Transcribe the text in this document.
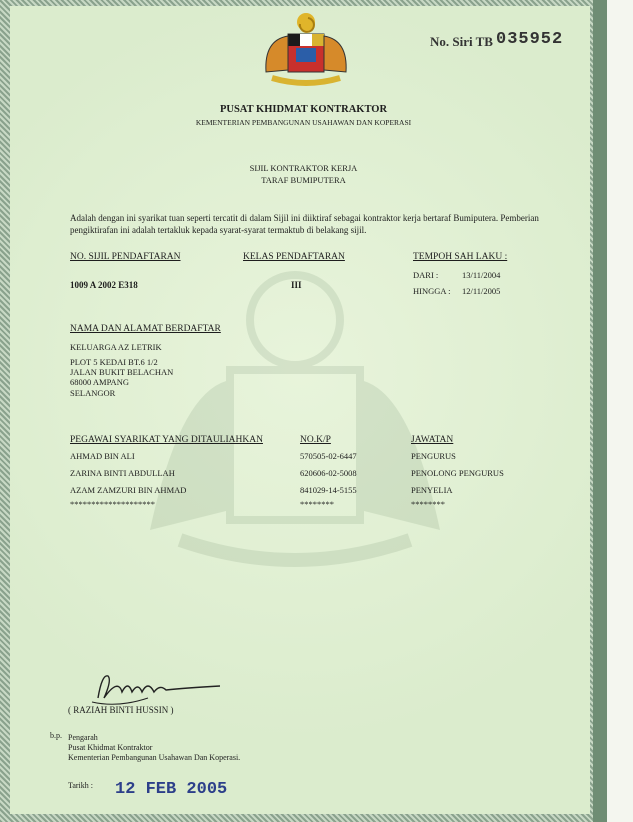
No. Siri TB 035952
PUSAT KHIDMAT KONTRAKTOR
KEMENTERIAN PEMBANGUNAN USAHAWAN DAN KOPERASI
SIJIL KONTRAKTOR KERJA
TARAF BUMIPUTERA
Adalah dengan ini syarikat tuan seperti tercatit di dalam Sijil ini diiktiraf sebagai kontraktor kerja bertaraf Bumiputera. Pemberian pengiktirafan ini adalah tertakluk kepada syarat-syarat termaktub di belakang sijil.
NO. SIJIL PENDAFTARAN	KELAS PENDAFTARAN	TEMPOH SAH LAKU :
1009 A 2002 E318	III
DARI :	13/11/2004
HINGGA : 12/11/2005
NAMA DAN ALAMAT BERDAFTAR
KELUARGA AZ LETRIK
PLOT 5 KEDAI BT.6 1/2
JALAN BUKIT BELACHAN
68000 AMPANG
SELANGOR
PEGAWAI SYARIKAT YANG DITAULIAHKAN	NO.K/P	JAWATAN
AHMAD BIN ALI	570505-02-6447	PENGURUS
ZARINA BINTI ABDULLAH	620606-02-5008	PENOLONG PENGURUS
AZAM ZAMZURI BIN AHMAD	841029-14-5155	PENYELIA
********************	********	********
( RAZIAH BINTI HUSSIN )
b.p. Pengarah
Pusat Khidmat Kontraktor
Kementerian Pembangunan Usahawan Dan Koperasi.
Tarikh : 12 FEB 2005
